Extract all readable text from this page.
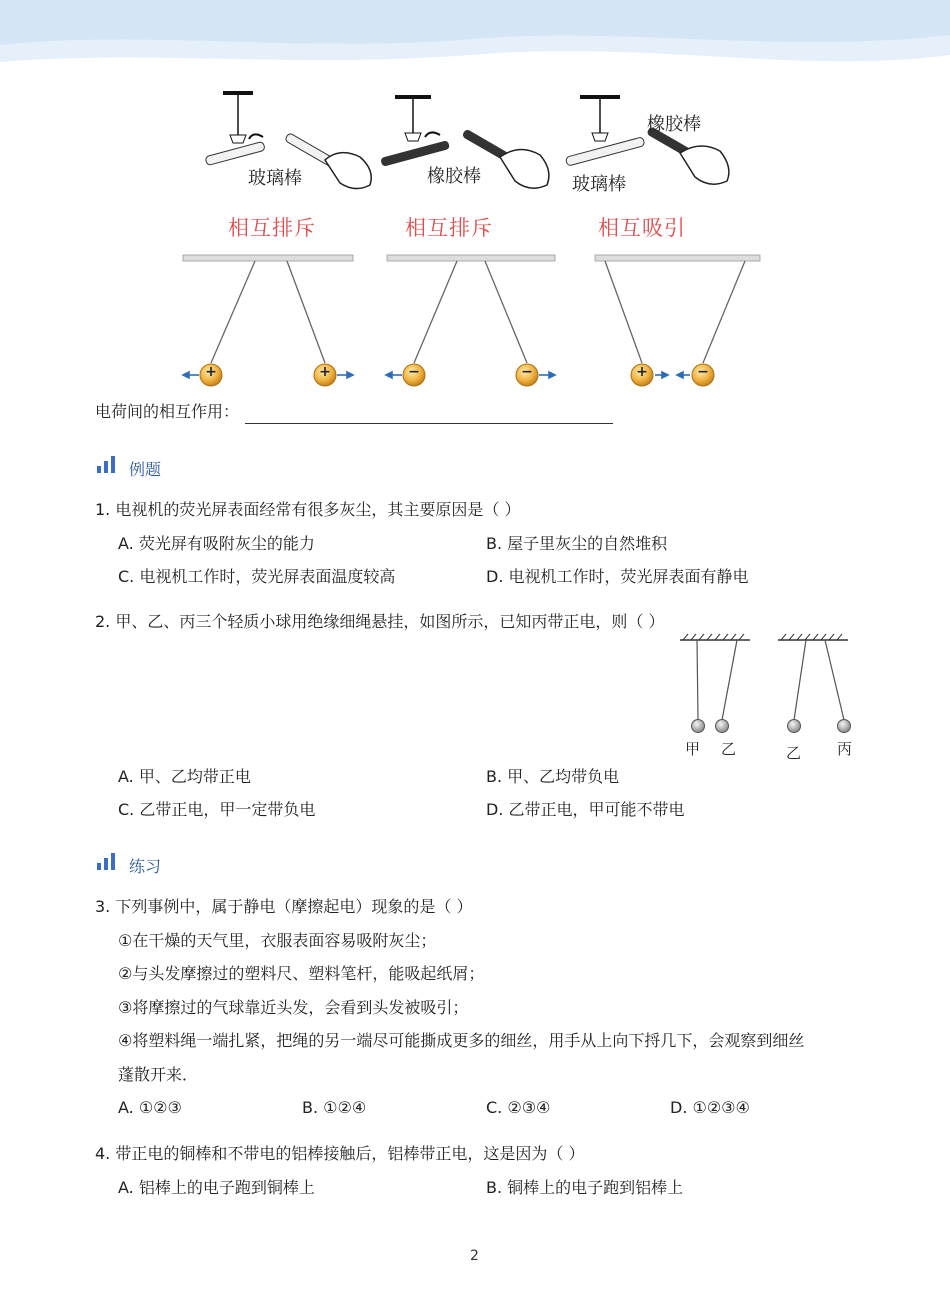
+	+	−	−	+	−
玻璃棒	橡胶棒
橡胶棒
玻璃棒
相互排斥	相互排斥	相互吸引
电荷间的相互作用：
例题
1. 电视机的荧光屏表面经常有很多灰尘，其主要原因是（ ）
A. 荧光屏有吸附灰尘的能力	B. 屋子里灰尘的自然堆积
C. 电视机工作时，荧光屏表面温度较高	D. 电视机工作时，荧光屏表面有静电
2. 甲、乙、丙三个轻质小球用绝缘细绳悬挂，如图所示，已知丙带正电，则（ ）
甲 乙	乙 丙
A. 甲、乙均带正电	B. 甲、乙均带负电
C. 乙带正电，甲一定带负电	D. 乙带正电，甲可能不带电
练习
3. 下列事例中，属于静电（摩擦起电）现象的是（ ）
①在干燥的天气里，衣服表面容易吸附灰尘；
②与头发摩擦过的塑料尺、塑料笔杆，能吸起纸屑；
③将摩擦过的气球靠近头发，会看到头发被吸引；
④将塑料绳一端扎紧，把绳的另一端尽可能撕成更多的细丝，用手从上向下捋几下，会观察到细丝
蓬散开来．
A. ①②③	B. ①②④	C. ②③④	D. ①②③④
4. 带正电的铜棒和不带电的铝棒接触后，铝棒带正电，这是因为（ ）
A. 铝棒上的电子跑到铜棒上	B. 铜棒上的电子跑到铝棒上
2
